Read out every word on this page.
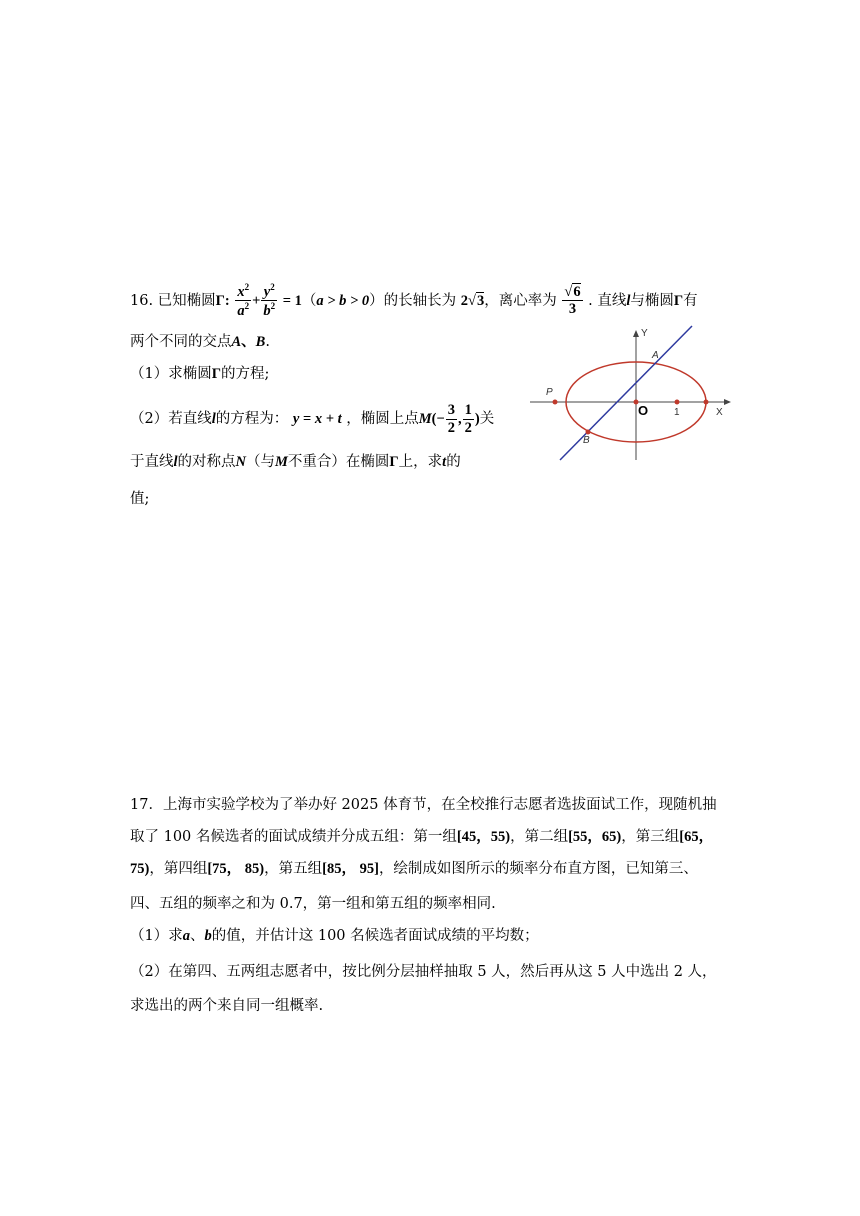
16. 已知椭圆Γ: $\frac{x^2}{a^2} + \frac{y^2}{b^2} = 1(a > b > 0)$的长轴长为 2√3，离心率为 $\frac{√6}{3}$ . 直线l与椭圆Γ有
两个不同的交点A、B.
（1）求椭圆Γ的方程;
（2）若直线l的方程为： y = x + t ，椭圆上点$M(- \frac{3}{2}$ , $\frac{1}{2}$ )关
于直线l的对称点N（与M不重合）在椭圆Γ上，求t的
值;
Y
A
P
O	1	X
B
17．上海市实验学校为了举办好 2025 体育节，在全校推行志愿者选拔面试工作，现随机抽
取了 100 名候选者的面试成绩并分成五组：第一组[45，55)，第二组[55，65)，第三组[65，
75)，第四组[75， 85)，第五组[85， 95]，绘制成如图所示的频率分布直方图，已知第三、
四、五组的频率之和为 0.7，第一组和第五组的频率相同.
（1）求a、b的值，并估计这 100 名候选者面试成绩的平均数；
（2）在第四、五两组志愿者中，按比例分层抽样抽取 5 人，然后再从这 5 人中选出 2 人，
求选出的两个来自同一组概率.
